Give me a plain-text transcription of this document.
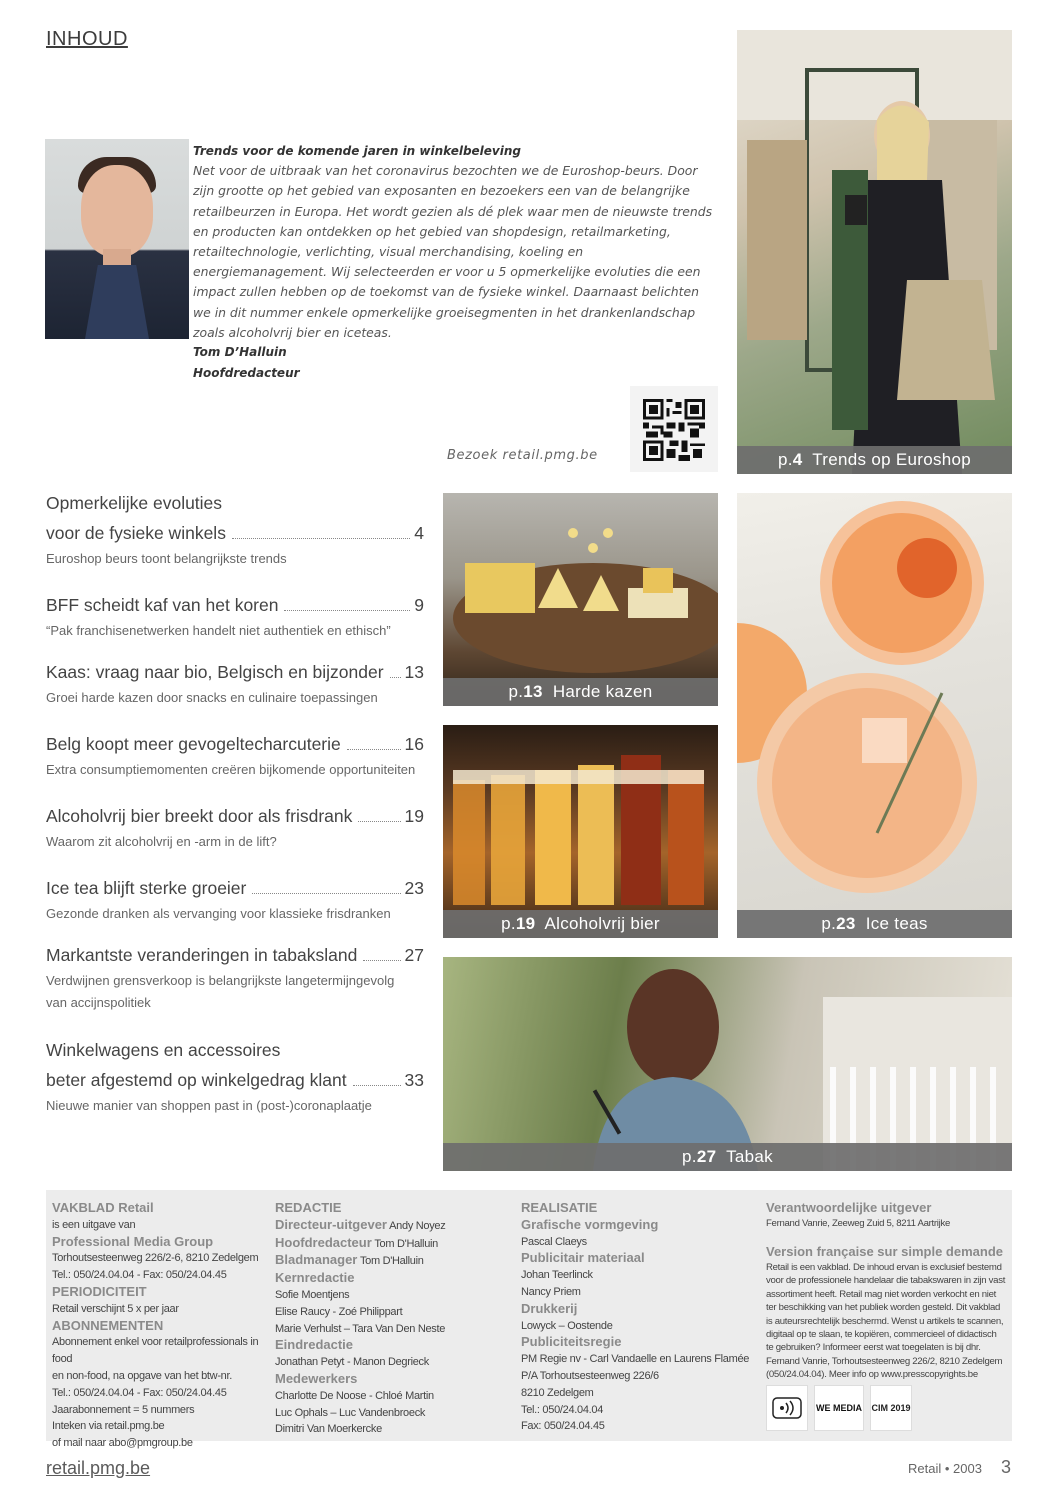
INHOUD
Trends voor de komende jaren in winkelbeleving
Net voor de uitbraak van het coronavirus bezochten we de Euroshop-beurs. Door zijn grootte op het gebied van exposanten en bezoekers een van de belangrijke retailbeurzen in Europa. Het wordt gezien als dé plek waar men de nieuwste trends en producten kan ontdekken op het gebied van shopdesign, retailmarketing, retailtechnologie, verlichting, visual merchandising, koeling en energiemanagement. Wij selecteerden er voor u 5 opmerkelijke evoluties die een impact zullen hebben op de toekomst van de fysieke winkel. Daarnaast belichten we in dit nummer enkele opmerkelijke groeisegmenten in het drankenlandschap zoals alcoholvrij bier en iceteas.
Tom D’Halluin
Hoofdredacteur
Bezoek retail.pmg.be	p.4 Trends op Euroshop
p.13 Harde kazen
p.19 Alcoholvrij bier	p.23 Ice teas
p.27 Tabak
Opmerkelijke evoluties
voor de fysieke winkels	4
Euroshop beurs toont belangrijkste trends
BFF scheidt kaf van het koren	9
“Pak franchisenetwerken handelt niet authentiek en ethisch”
Kaas: vraag naar bio, Belgisch en bijzonder 13
Groei harde kazen door snacks en culinaire toepassingen
Belg koopt meer gevogeltecharcuterie	16
Extra consumptiemomenten creëren bijkomende opportuniteiten
Alcoholvrij bier breekt door als frisdrank	19
Waarom zit alcoholvrij en -arm in de lift?
Ice tea blijft sterke groeier	23
Gezonde dranken als vervanging voor klassieke frisdranken
Markantste veranderingen in tabaksland	27
Verdwijnen grensverkoop is belangrijkste langetermijngevolg
van accijnspolitiek
Winkelwagens en accessoires
beter afgestemd op winkelgedrag klant	33
Nieuwe manier van shoppen past in (post-)coronaplaatje
VAKBLAD Retail
is een uitgave van
Professional Media Group
Torhoutsesteenweg 226/2-6, 8210 Zedelgem
Tel.: 050/24.04.04 - Fax: 050/24.04.45
PERIODICITEIT
Retail verschijnt 5 x per jaar
ABONNEMENTEN
Abonnement enkel voor retailprofessionals in food
en non-food, na opgave van het btw-nr.
Tel.: 050/24.04.04 - Fax: 050/24.04.45
Jaarabonnement = 5 nummers
Inteken via retail.pmg.be
of mail naar abo@pmgroup.be
REDACTIE
Directeur-uitgever Andy Noyez
Hoofdredacteur Tom D'Halluin
Bladmanager Tom D'Halluin
Kernredactie
Sofie Moentjens
Elise Raucy - Zoé Philippart
Marie Verhulst – Tara Van Den Neste
Eindredactie
Jonathan Petyt - Manon Degrieck
Medewerkers
Charlotte De Noose - Chloé Martin
Luc Ophals – Luc Vandenbroeck
Dimitri Van Moerkercke
REALISATIE
Grafische vormgeving
Pascal Claeys
Publicitair materiaal
Johan Teerlinck
Nancy Priem
Drukkerij
Lowyck – Oostende
Publiciteitsregie
PM Regie nv - Carl Vandaelle en Laurens Flamée
P/A Torhoutsesteenweg 226/6
8210 Zedelgem
Tel.: 050/24.04.04
Fax: 050/24.04.45
Verantwoordelijke uitgever
Fernand Vanrie, Zeeweg Zuid 5, 8211 Aartrijke
Version française sur simple demande
Retail is een vakblad. De inhoud ervan is exclusief bestemd voor de professionele handelaar die tabakswaren in zijn vast assortiment heeft. Retail mag niet worden verkocht en niet ter beschikking van het publiek worden gesteld. Dit vakblad is auteursrechtelijk beschermd. Wenst u artikels te scannen, digitaal op te slaan, te kopiëren, commercieel of didactisch te gebruiken? Informeer eerst wat toegelaten is bij dhr. Fernand Vanrie, Torhoutsesteenweg 226/2, 8210 Zedelgem (050/24.04.04). Meer info op www.presscopyrights.be
WE MEDIA CIM 2019
retail.pmg.be	Retail • 2003 3
